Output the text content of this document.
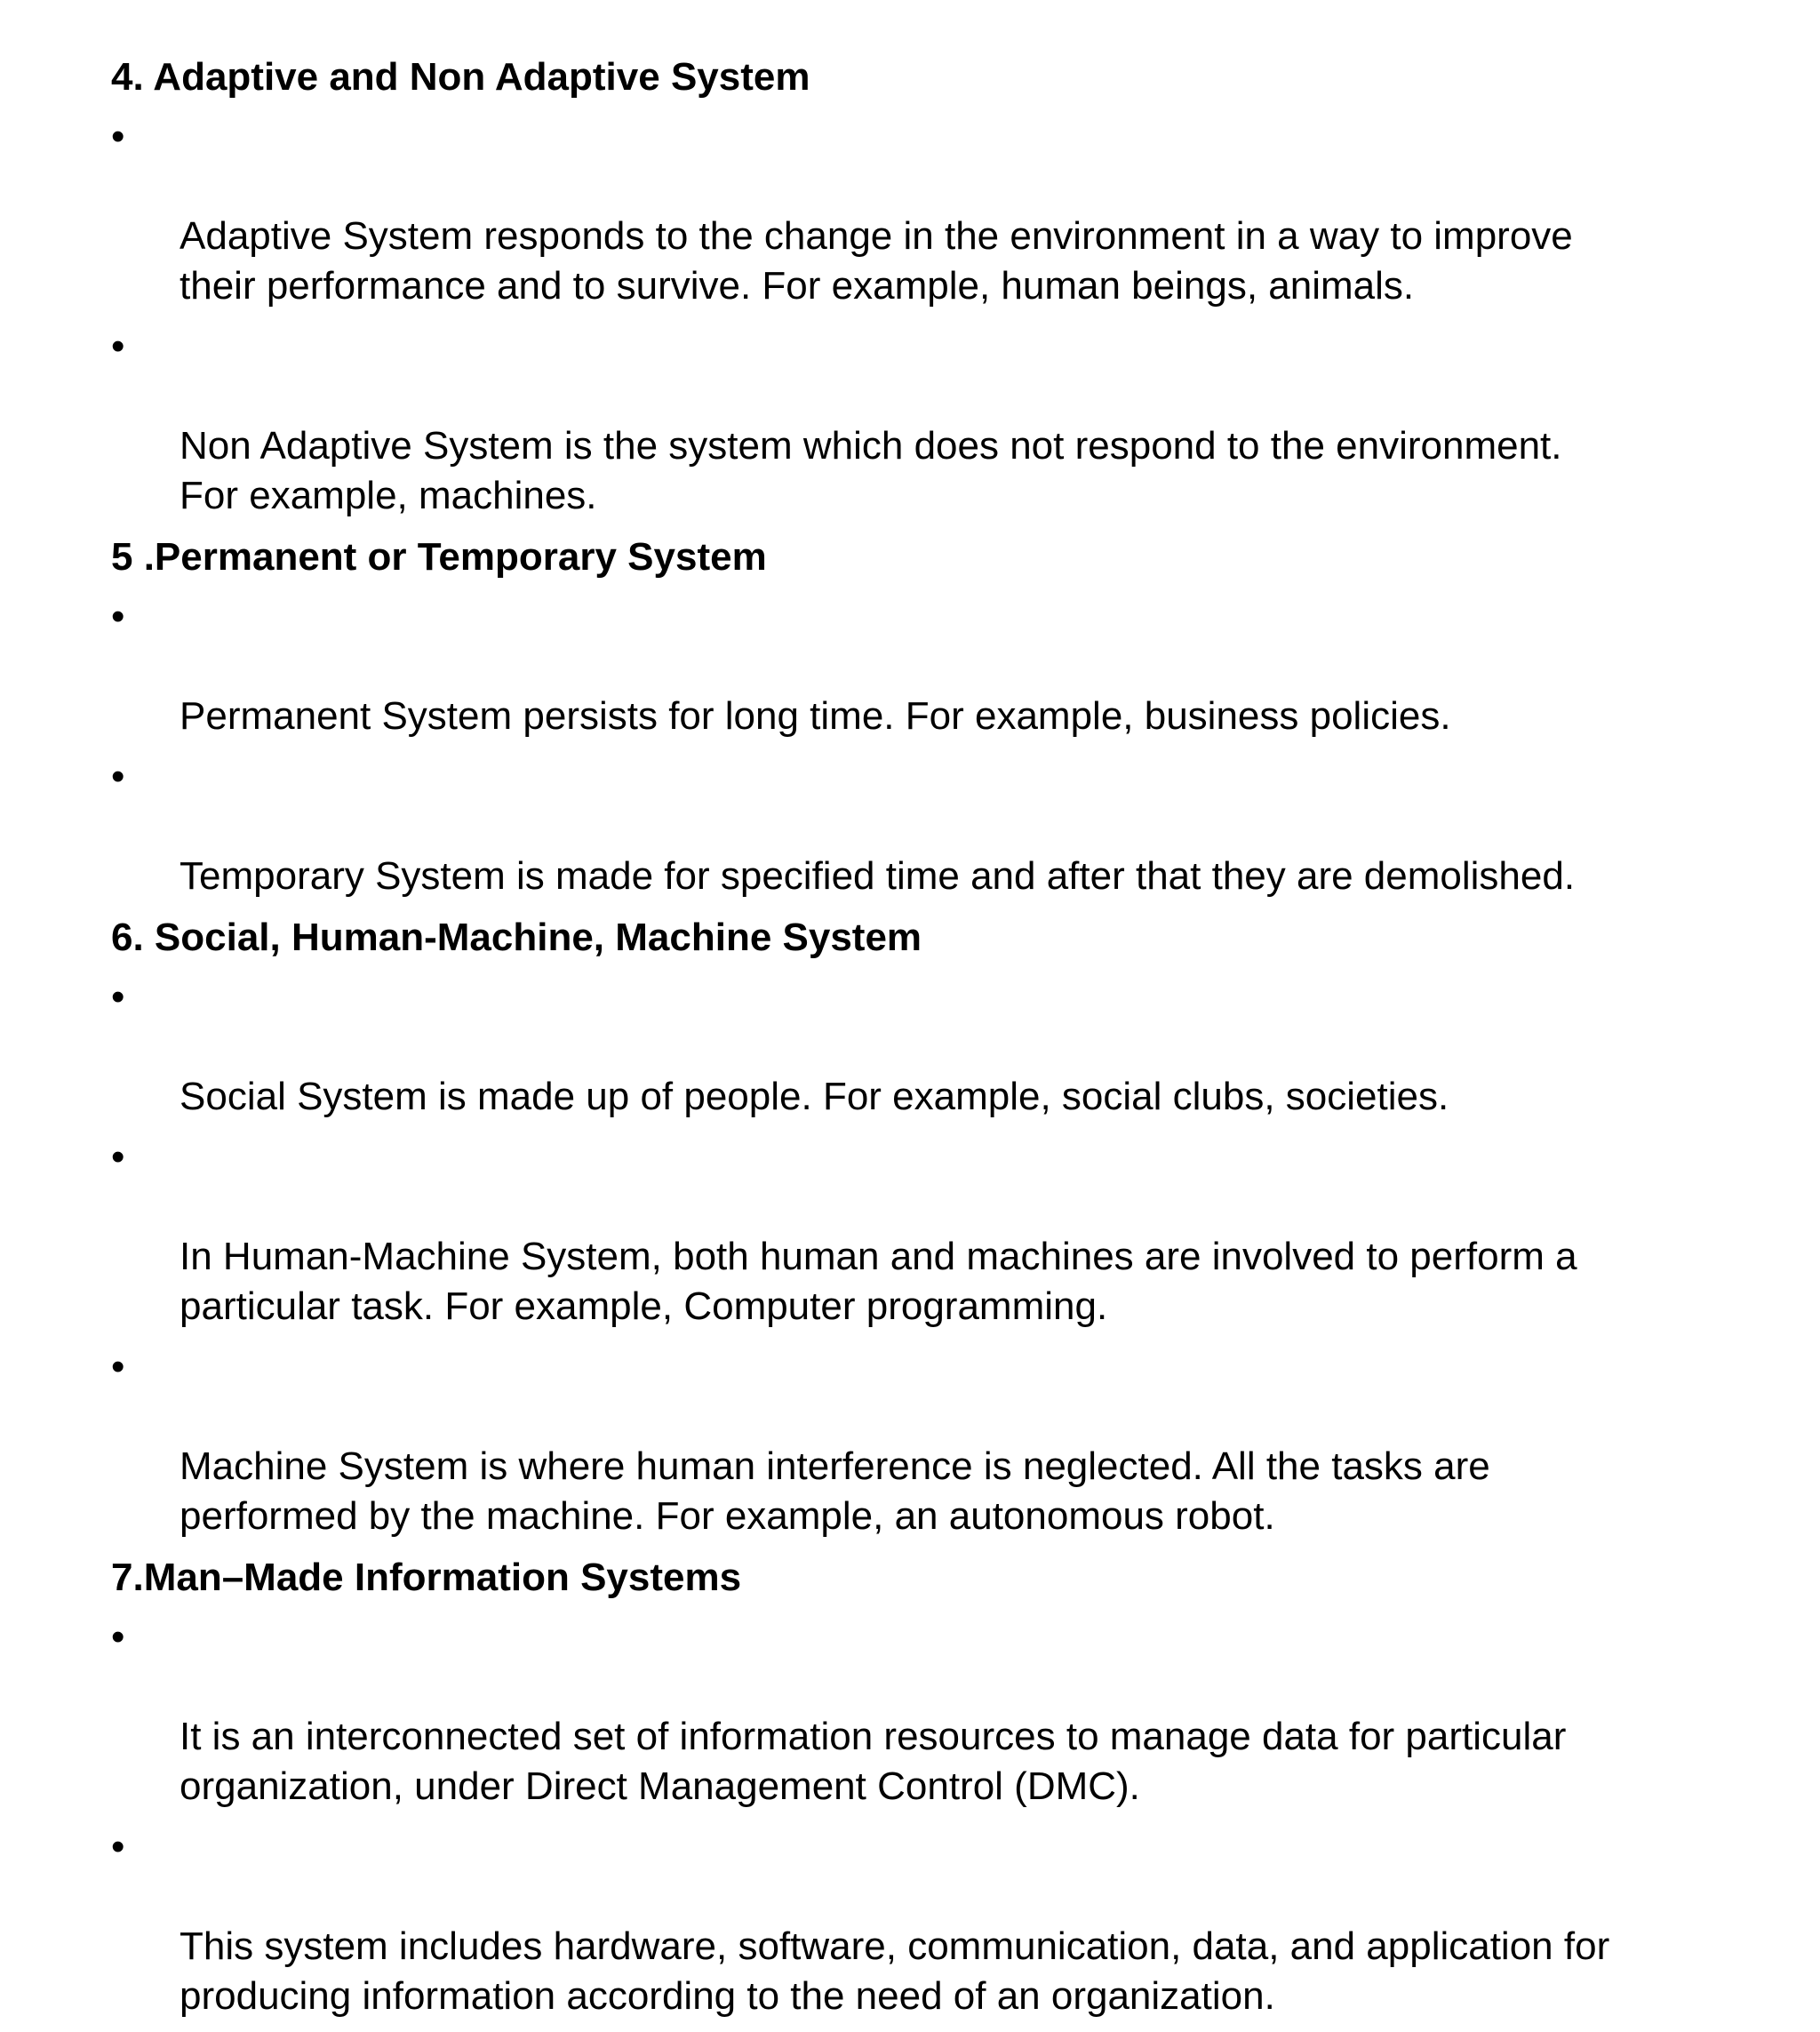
4. Adaptive and Non Adaptive System

•

Adaptive System responds to the change in the environment in a way to improve
their performance and to survive. For example, human beings, animals.

•

Non Adaptive System is the system which does not respond to the environment.
For example, machines.

5 .Permanent or Temporary System

•

Permanent System persists for long time. For example, business policies.

•

Temporary System is made for specified time and after that they are demolished.

6. Social, Human-Machine, Machine System

•

Social System is made up of people. For example, social clubs, societies.

•

In Human-Machine System, both human and machines are involved to perform a
particular task. For example, Computer programming.

•

Machine System is where human interference is neglected. All the tasks are
performed by the machine. For example, an autonomous robot.

7.Man–Made Information Systems

•

It is an interconnected set of information resources to manage data for particular
organization, under Direct Management Control (DMC).

•

This system includes hardware, software, communication, data, and application for
producing information according to the need of an organization.
